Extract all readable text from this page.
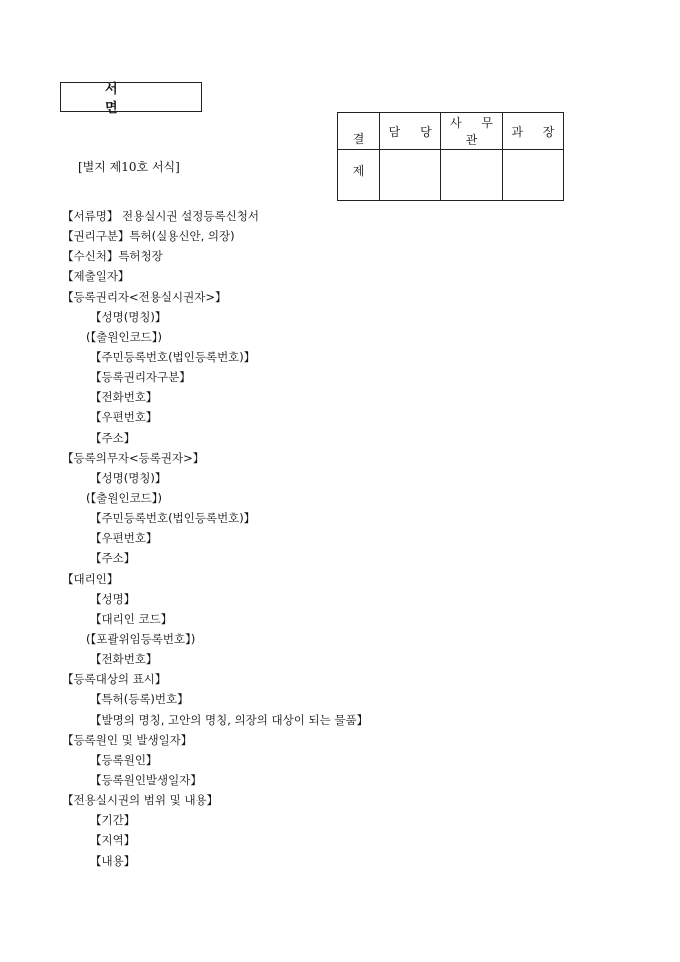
서 면
[별지 제10호 서식]
결	담 당	사 무 관	과 장
제			
【서류명】 전용실시권 설정등록신청서
【권리구분】특허(실용신안, 의장)
【수신처】특허청장
【제출일자】
【등록권리자<전용실시권자>】
【성명(명칭)】
(【출원인코드】)
【주민등록번호(법인등록번호)】
【등록권리자구분】
【전화번호】
【우편번호】
【주소】
【등록의무자<등록권자>】
【성명(명칭)】
(【출원인코드】)
【주민등록번호(법인등록번호)】
【우편번호】
【주소】
【대리인】
【성명】
【대리인 코드】
(【포괄위임등록번호】)
【전화번호】
【등록대상의 표시】
【특허(등록)번호】
【발명의 명칭, 고안의 명칭, 의장의 대상이 되는 물품】
【등록원인 및 발생일자】
【등록원인】
【등록원인발생일자】
【전용실시권의 범위 및 내용】
【기간】
【지역】
【내용】
